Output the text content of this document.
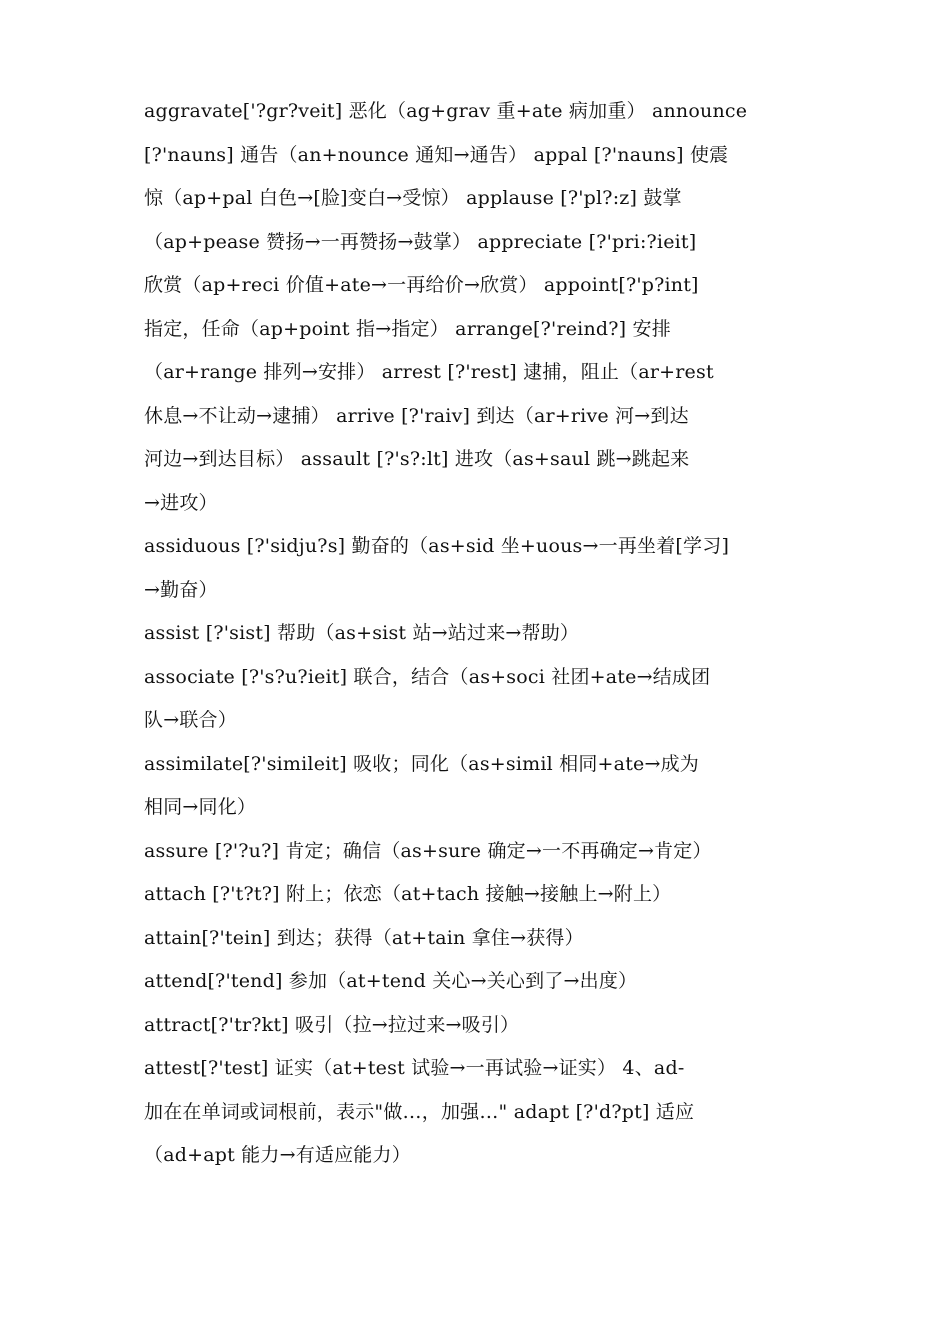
aggravate['?gr?veit] 恶化（ag+grav 重+ate 病加重） announce
[?'nauns] 通告（an+nounce 通知→通告） appal [?'nauns] 使震
惊（ap+pal 白色→[脸]变白→受惊） applause [?'pl?:z] 鼓掌
（ap+pease 赞扬→一再赞扬→鼓掌） appreciate [?'pri:?ieit]
欣赏（ap+reci 价值+ate→一再给价→欣赏） appoint[?'p?int]
指定，任命（ap+point 指→指定） arrange[?'reind?] 安排
（ar+range 排列→安排） arrest [?'rest] 逮捕，阻止（ar+rest
休息→不让动→逮捕） arrive [?'raiv] 到达（ar+rive 河→到达
河边→到达目标） assault [?'s?:lt] 进攻（as+saul 跳→跳起来
→进攻）
assiduous [?'sidju?s] 勤奋的（as+sid 坐+uous→一再坐着[学习]
→勤奋）
assist [?'sist] 帮助（as+sist 站→站过来→帮助）
associate [?'s?u?ieit] 联合，结合（as+soci 社团+ate→结成团
队→联合）
assimilate[?'simileit] 吸收；同化（as+simil 相同+ate→成为
相同→同化）
assure [?'?u?] 肯定；确信（as+sure 确定→一不再确定→肯定）
attach [?'t?t?] 附上；依恋（at+tach 接触→接触上→附上）
attain[?'tein] 到达；获得（at+tain 拿住→获得）
attend[?'tend] 参加（at+tend 关心→关心到了→出度）
attract[?'tr?kt] 吸引（拉→拉过来→吸引）
attest[?'test] 证实（at+test 试验→一再试验→证实） 4、ad-
加在在单词或词根前，表示"做…，加强…" adapt [?'d?pt] 适应
（ad+apt 能力→有适应能力）
